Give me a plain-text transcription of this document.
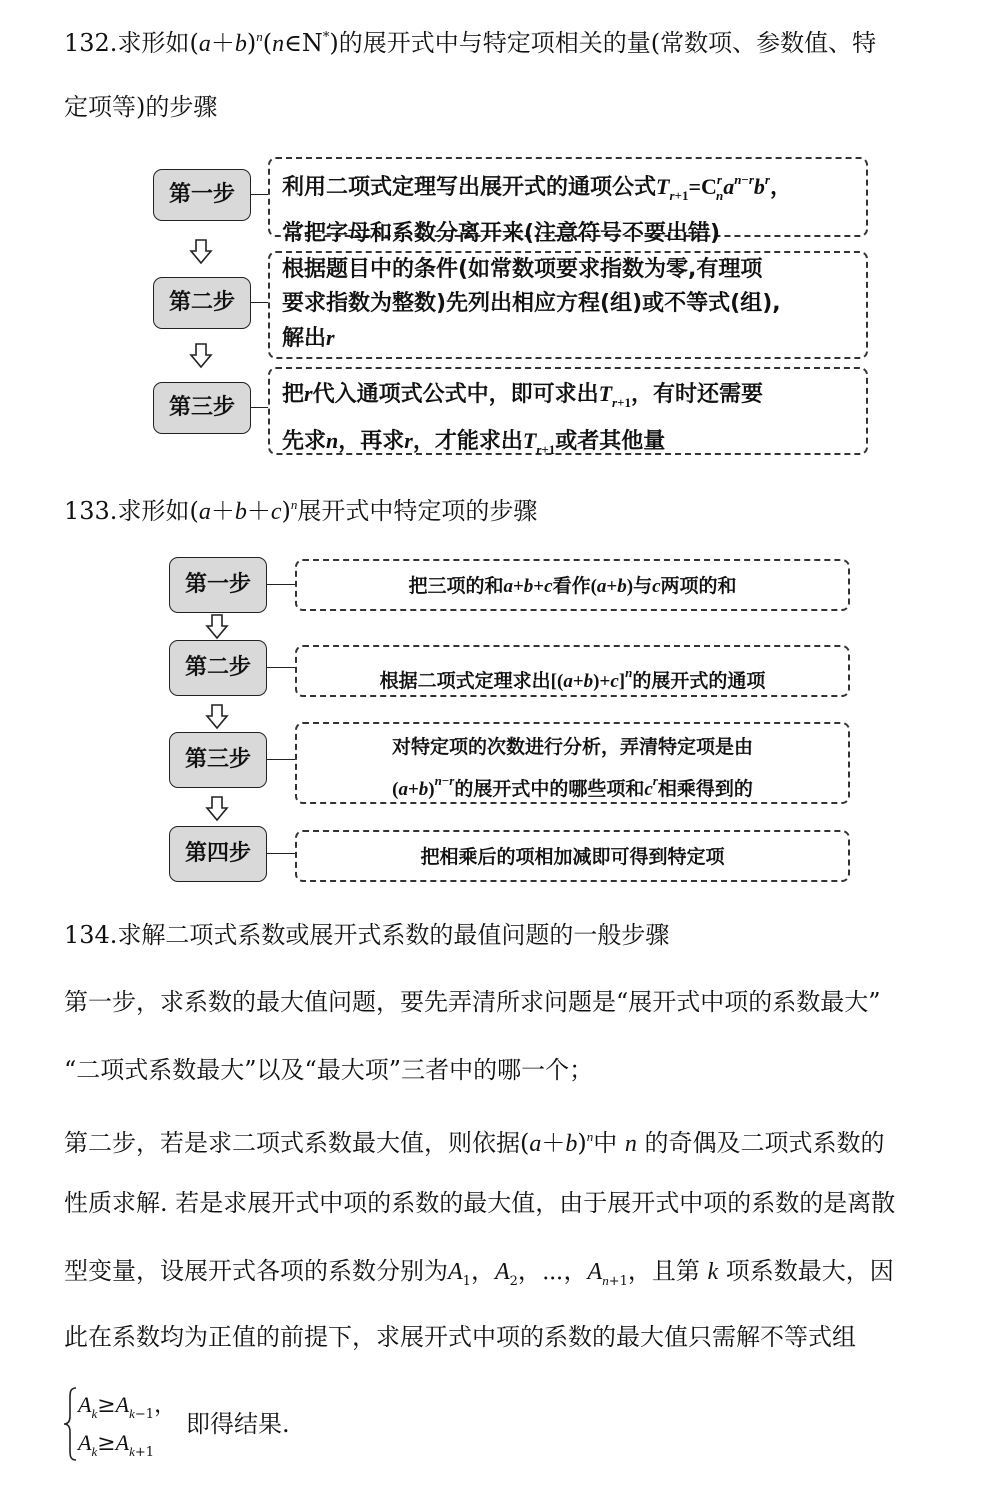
132.求形如$(a+b)^n(n\in N^*)$的展开式中与特定项相关的量(常数项、参数值、特
定项等)的步骤
第一步
第二步
第三步
利用二项式定理写出展开式的通项公式$T_{r+1}=C^r_na^{n-r}b^r$，
常把字母和系数分离开来(注意符号不要出错)
根据题目中的条件(如常数项要求指数为零,有理项
要求指数为整数)先列出相应方程(组)或不等式(组),
解出r
把r代入通项式公式中，即可求出$T_{r+1}$，有时还需要
先求n，再求r，才能求出$T_{r+1}$或者其他量
133.求形如$(a+b+c)^n$展开式中特定项的步骤
第一步
第二步
第三步
第四步
把三项的和a+b+c看作(a+b)与c两项的和
根据二项式定理求出$[(a+b)+c]^n$的展开式的通项
对特定项的次数进行分析，弄清特定项是由
$(a+b)^{n-r}$的展开式中的哪些项和$c^r$相乘得到的
把相乘后的项相加减即可得到特定项
134.求解二项式系数或展开式系数的最值问题的一般步骤
第一步，求系数的最大值问题，要先弄清所求问题是“展开式中项的系数最大”
“二项式系数最大”以及“最大项”三者中的哪一个；
第二步，若是求二项式系数最大值，则依据$(a+b)^n$中 n 的奇偶及二项式系数的
性质求解. 若是求展开式中项的系数的最大值，由于展开式中项的系数的是离散
型变量，设展开式各项的系数分别为$A_1$，$A_2$，⋯，$A_{n+1}$，且第 k 项系数最大，因
此在系数均为正值的前提下，求展开式中项的系数的最大值只需解不等式组
$A_k\ge A_{k-1}$，
$A_k\ge A_{k+1}$
即得结果.
